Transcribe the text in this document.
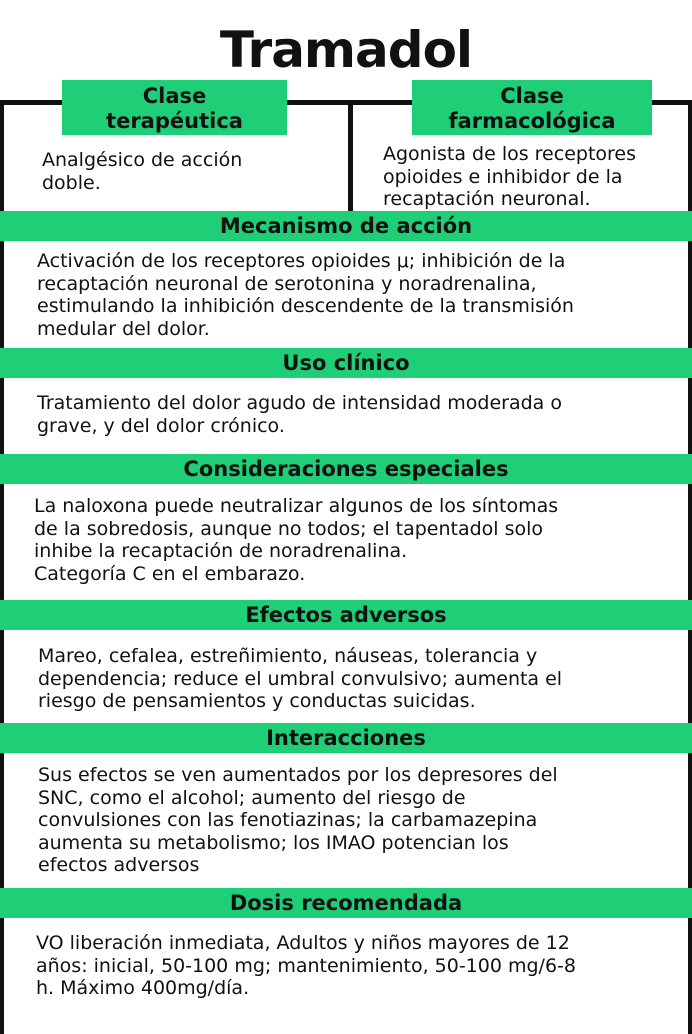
Tramadol
Clase
terapéutica
Analgésico de acción
doble.
Clase
farmacológica
Agonista de los receptores
opioides e inhibidor de la
recaptación neuronal.
Mecanismo de acción
Activación de los receptores opioides μ; inhibición de la
recaptación neuronal de serotonina y noradrenalina,
estimulando la inhibición descendente de la transmisión
medular del dolor.
Uso clínico
Tratamiento del dolor agudo de intensidad moderada o
grave, y del dolor crónico.
Consideraciones especiales
La naloxona puede neutralizar algunos de los síntomas
de la sobredosis, aunque no todos; el tapentadol solo
inhibe la recaptación de noradrenalina.
Categoría C en el embarazo.
Efectos adversos
Mareo, cefalea, estreñimiento, náuseas, tolerancia y
dependencia; reduce el umbral convulsivo; aumenta el
riesgo de pensamientos y conductas suicidas.
Interacciones
Sus efectos se ven aumentados por los depresores del
SNC, como el alcohol; aumento del riesgo de
convulsiones con las fenotiazinas; la carbamazepina
aumenta su metabolismo; los IMAO potencian los
efectos adversos
Dosis recomendada
VO liberación inmediata, Adultos y niños mayores de 12
años: inicial, 50-100 mg; mantenimiento, 50-100 mg/6-8
h. Máximo 400mg/día.
